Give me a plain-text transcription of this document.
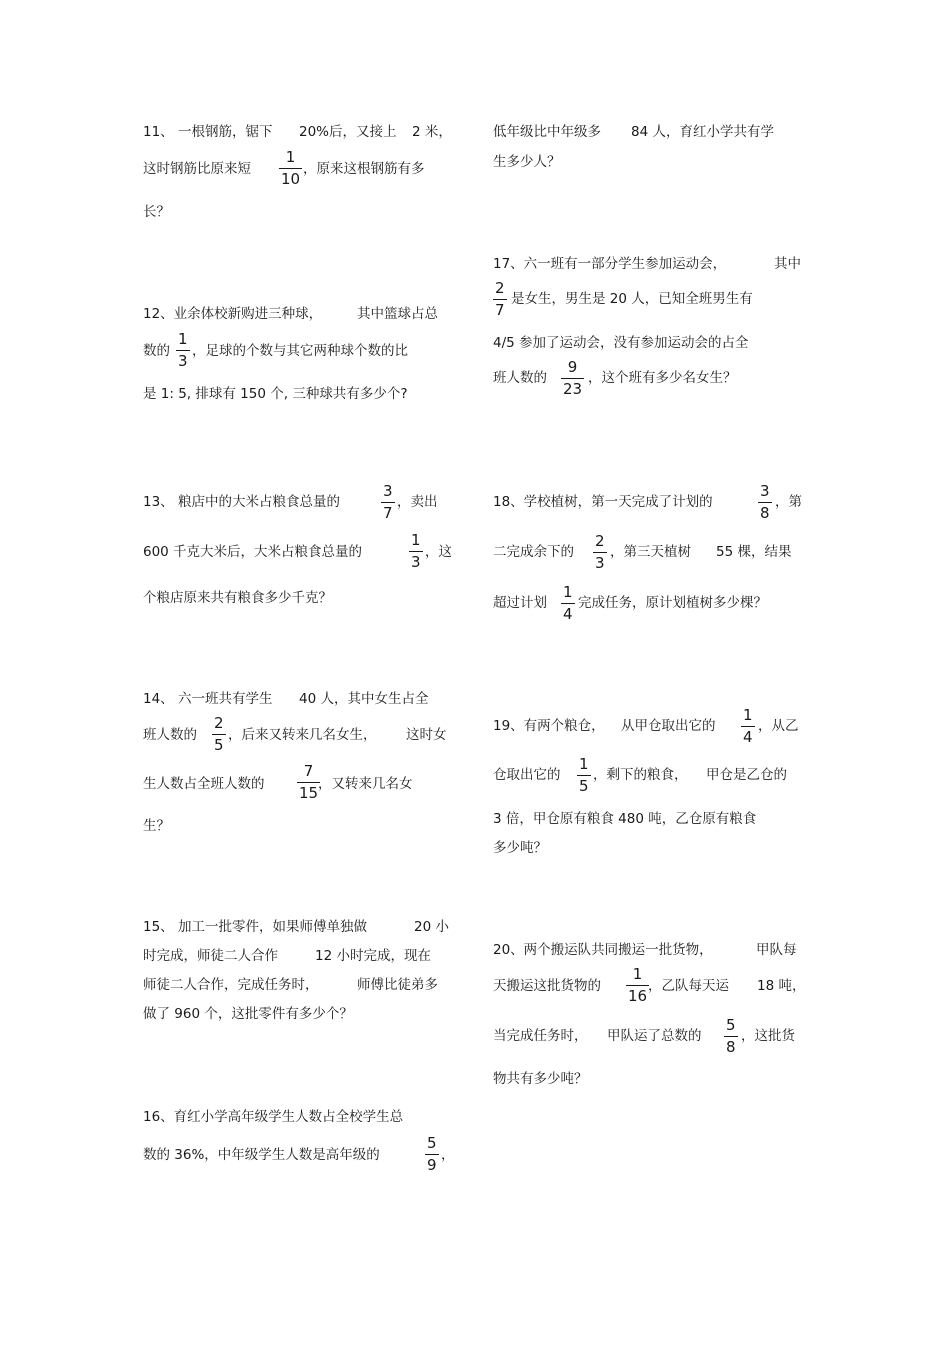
11、 一根钢筋，锯下 20%后，又接上 2 米，
这时钢筋比原来短
1
10
，原来这根钢筋有多
长？
12、业余体校新购进三种球，	其中篮球占总
数的
1
3
，足球的个数与其它两种球个数的比
是 1: 5, 排球有 150 个, 三种球共有多少个?
13、 粮店中的大米占粮食总量的
3
7
，卖出
600 千克大米后，大米占粮食总量的
1
3
，这
个粮店原来共有粮食多少千克？
14、 六一班共有学生 40 人，其中女生占全
班人数的
2
5
，后来又转来几名女生， 这时女
生人数占全班人数的
7
15 ，又转来几名女
生？
15、 加工一批零件，如果师傅单独做	20 小
时完成，师徒二人合作	12 小时完成，现在
师徒二人合作，完成任务时，	师傅比徒弟多
做了 960 个，这批零件有多少个？
16、育红小学高年级学生人数占全校学生总
数的 36%，中年级学生人数是高年级的
5
9
，
低年级比中年级多 84 人，育红小学共有学
生多少人？
17、六一班有一部分学生参加运动会，	其中
2
7
是女生，男生是 20 人，已知全班男生有
4/5 参加了运动会，没有参加运动会的占全
班人数的
9
23
，这个班有多少名女生？
18、学校植树，第一天完成了计划的
3
8
，第
二完成余下的
2
3
，第三天植树 55 棵，结果
超过计划
1
4
完成任务，原计划植树多少棵？
19、有两个粮仓， 从甲仓取出它的
1
4
，从乙
仓取出它的
1
5
，剩下的粮食， 甲仓是乙仓的
3 倍，甲仓原有粮食 480 吨，乙仓原有粮食
多少吨？
20、两个搬运队共同搬运一批货物，	甲队每
天搬运这批货物的
1
16
，乙队每天运 18 吨，
当完成任务时， 甲队运了总数的
5
8
，这批货
物共有多少吨？
